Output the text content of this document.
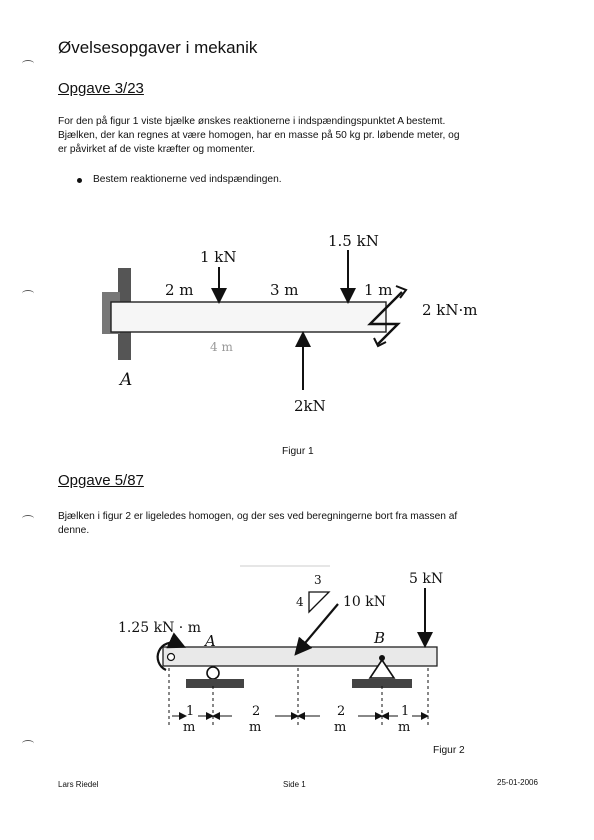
Øvelsesopgaver i mekanik
Opgave 3/23
For den på figur 1 viste bjælke ønskes reaktionerne i indspændingspunktet A bestemt.
Bjælken, der kan regnes at være homogen, har en masse på 50 kg pr. løbende meter, og
er påvirket af de viste kræfter og momenter.
Bestem reaktionerne ved indspændingen.
1 kN
1.5 kN
2 m	3 m	1 m
2 kN·m
4 m
A
2kN
Figur 1
Opgave 5/87
Bjælken i figur 2 er ligeledes homogen, og der ses ved beregningerne bort fra massen af
denne.
1.25 kN · m
A	B
3
4	10 kN
5 kN
1
m
2
m
2
m
1
m
Figur 2
Lars Riedel	Side 1	25-01-2006
